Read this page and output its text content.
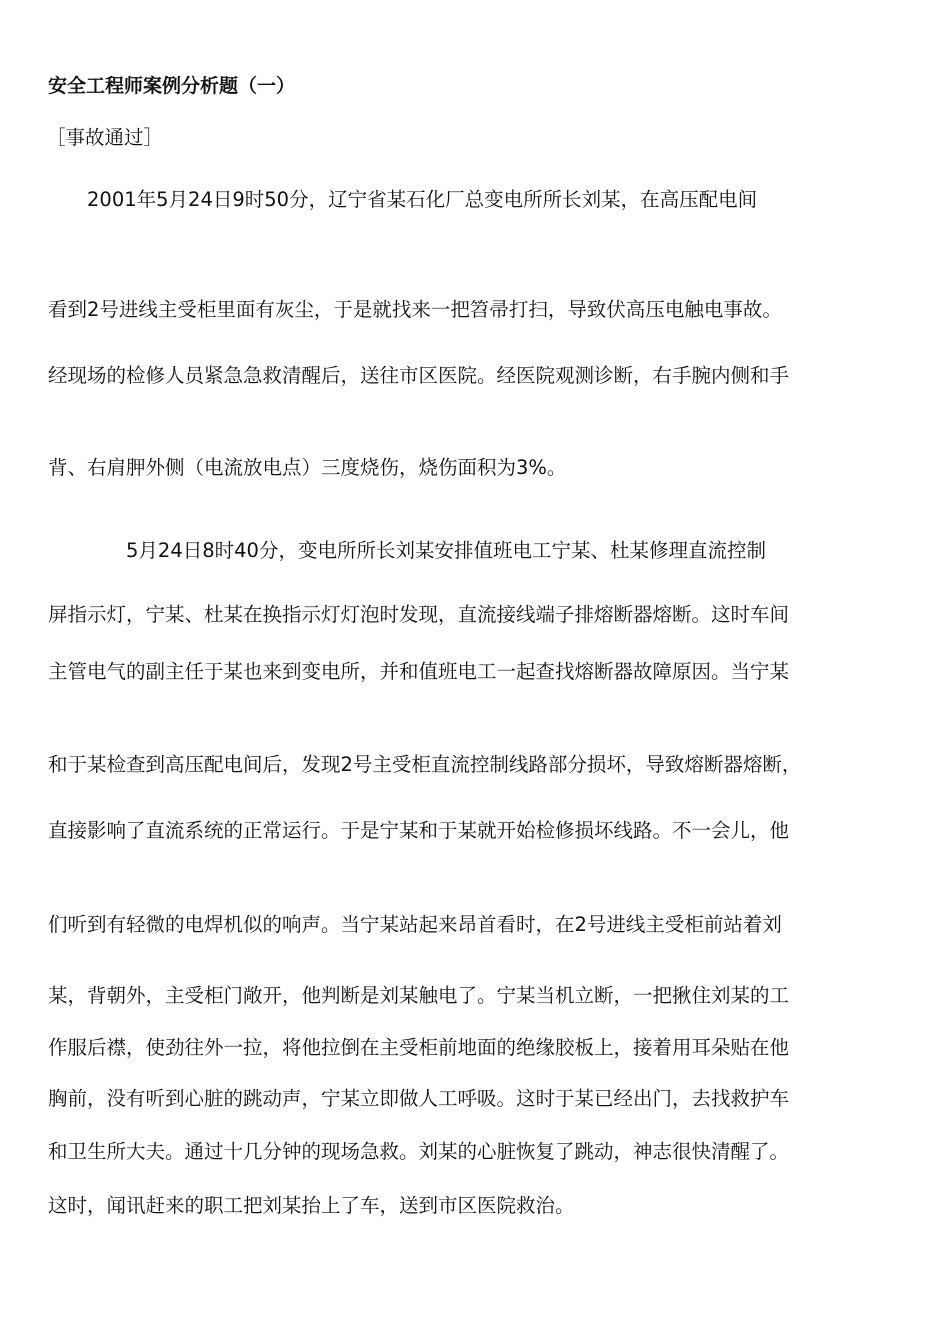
安全工程师案例分析题（一）
［事故通过］
　　2001年5月24日9时50分，辽宁省某石化厂总变电所所长刘某，在高压配电间
看到2号进线主受柜里面有灰尘，于是就找来一把笤帚打扫，导致伏高压电触电事故。
经现场的检修人员紧急急救清醒后，送往市区医院。经医院观测诊断，右手腕内侧和手
背、右肩胛外侧（电流放电点）三度烧伤，烧伤面积为3%。
　　　　5月24日8时40分，变电所所长刘某安排值班电工宁某、杜某修理直流控制
屏指示灯，宁某、杜某在换指示灯灯泡时发现，直流接线端子排熔断器熔断。这时车间
主管电气的副主任于某也来到变电所，并和值班电工一起查找熔断器故障原因。当宁某
和于某检查到高压配电间后，发现2号主受柜直流控制线路部分损坏，导致熔断器熔断，
直接影响了直流系统的正常运行。于是宁某和于某就开始检修损坏线路。不一会儿，他
们听到有轻微的电焊机似的响声。当宁某站起来昂首看时，在2号进线主受柜前站着刘
某，背朝外，主受柜门敞开，他判断是刘某触电了。宁某当机立断，一把揪住刘某的工
作服后襟，使劲往外一拉，将他拉倒在主受柜前地面的绝缘胶板上，接着用耳朵贴在他
胸前，没有听到心脏的跳动声，宁某立即做人工呼吸。这时于某已经出门，去找救护车
和卫生所大夫。通过十几分钟的现场急救。刘某的心脏恢复了跳动，神志很快清醒了。
这时，闻讯赶来的职工把刘某抬上了车，送到市区医院救治。
